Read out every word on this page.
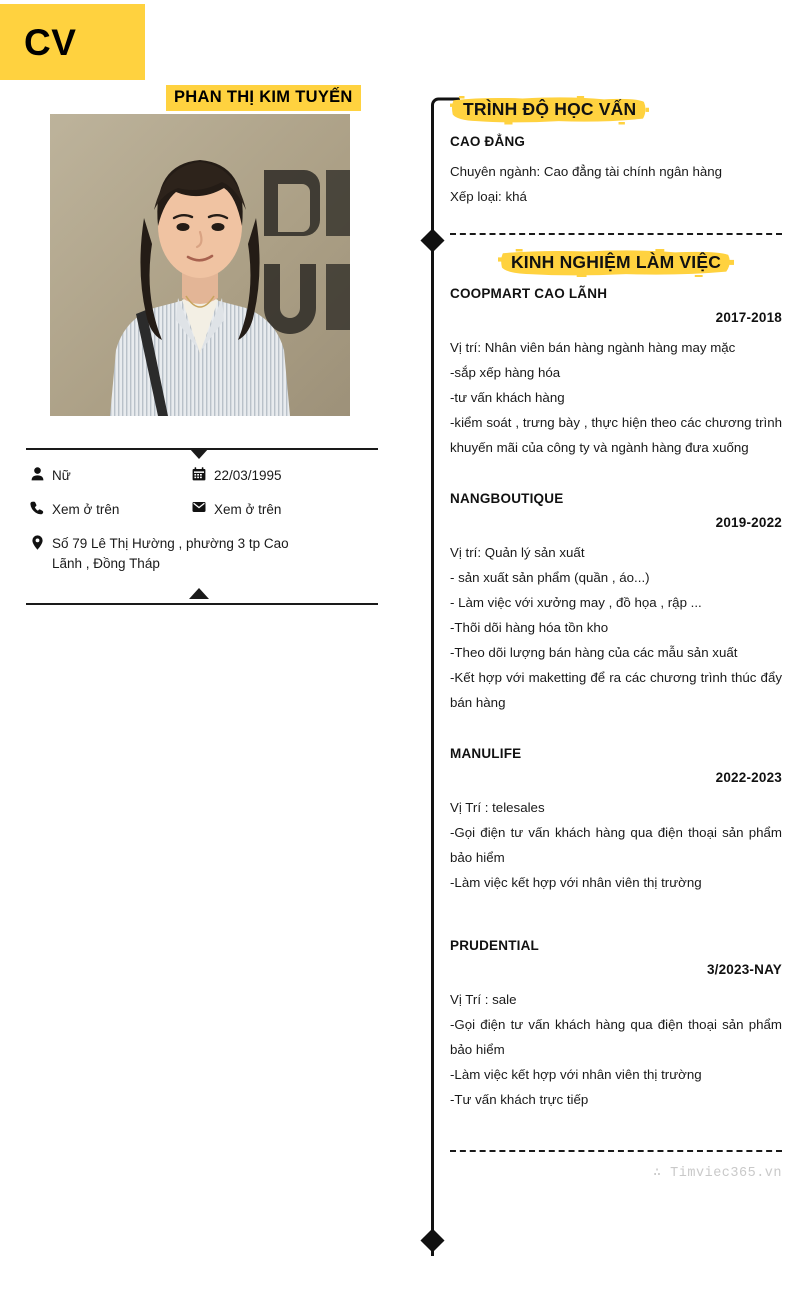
CV
PHAN THỊ KIM TUYẾN
Nữ	22/03/1995
Xem ở trên	Xem ở trên
Số 79 Lê Thị Hường , phường 3 tp Cao Lãnh , Đồng Tháp
TRÌNH ĐỘ HỌC VẤN
CAO ĐẲNG

Chuyên ngành: Cao đẳng tài chính ngân hàng

Xếp loại: khá

KINH NGHIỆM LÀM VIỆC
COOPMART CAO LÃNH
2017-2018

Vị trí: Nhân viên bán hàng ngành hàng may mặc

-sắp xếp hàng hóa

-tư vấn khách hàng

-kiểm soát , trưng bày , thực hiện theo các chương trình khuyến mãi của công ty và ngành hàng đưa xuống

NANGBOUTIQUE
2019-2022

Vị trí: Quản lý sản xuất

- sản xuất sản phẩm (quần , áo...)

- Làm việc với xưởng may , đồ họa , rập ...

-Thõi dõi hàng hóa tồn kho

-Theo dõi lượng bán hàng của các mẫu sản xuất

-Kết hợp với maketting để ra các chương trình thúc đẩy bán hàng

MANULIFE
2022-2023

Vị Trí : telesales

-Gọi điện tư vấn khách hàng qua điện thoại sản phẩm bảo hiểm

-Làm việc kết hợp với nhân viên thị trường

PRUDENTIAL
3/2023-NAY

Vị Trí : sale

-Gọi điện tư vấn khách hàng qua điện thoại sản phẩm bảo hiểm

-Làm việc kết hợp với nhân viên thị trường

-Tư vấn khách trực tiếp

∴ Timviec365.vn
